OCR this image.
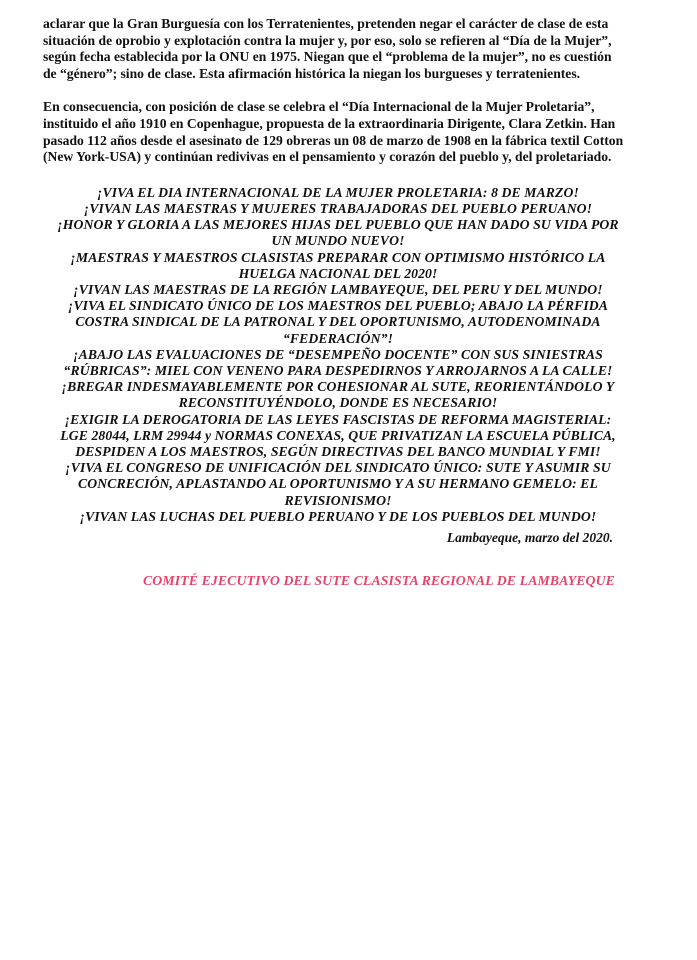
aclarar que la Gran Burguesía con los Terratenientes, pretenden negar el carácter de clase de esta
situación de oprobio y explotación contra la mujer y, por eso, solo se refieren al “Día de la Mujer”,
según fecha establecida por la ONU en 1975. Niegan que el “problema de la mujer”, no es cuestión
de “género”; sino de clase. Esta afirmación histórica la niegan los burgueses y terratenientes.
En consecuencia, con posición de clase se celebra el “Día Internacional de la Mujer Proletaria”,
instituido el año 1910 en Copenhague, propuesta de la extraordinaria Dirigente, Clara Zetkin. Han
pasado 112 años desde el asesinato de 129 obreras un 08 de marzo de 1908 en la fábrica textil Cotton
(New York-USA) y continúan redivivas en el pensamiento y corazón del pueblo y, del proletariado.
¡VIVA EL DIA INTERNACIONAL DE LA MUJER PROLETARIA: 8 DE MARZO!
¡VIVAN LAS MAESTRAS Y MUJERES TRABAJADORAS DEL PUEBLO PERUANO!
¡HONOR Y GLORIA A LAS MEJORES HIJAS DEL PUEBLO QUE HAN DADO SU VIDA POR
UN MUNDO NUEVO!
¡MAESTRAS Y MAESTROS CLASISTAS PREPARAR CON OPTIMISMO HISTÓRICO LA
HUELGA NACIONAL DEL 2020!
¡VIVAN LAS MAESTRAS DE LA REGIÓN LAMBAYEQUE, DEL PERU Y DEL MUNDO!
¡VIVA EL SINDICATO ÚNICO DE LOS MAESTROS DEL PUEBLO; ABAJO LA PÉRFIDA
COSTRA SINDICAL DE LA PATRONAL Y DEL OPORTUNISMO, AUTODENOMINADA
“FEDERACIÓN”!
¡ABAJO LAS EVALUACIONES DE “DESEMPEÑO DOCENTE” CON SUS SINIESTRAS
“RÚBRICAS”: MIEL CON VENENO PARA DESPEDIRNOS Y ARROJARNOS A LA CALLE!
¡BREGAR INDESMAYABLEMENTE POR COHESIONAR AL SUTE, REORIENTÁNDOLO Y
RECONSTITUYÉNDOLO, DONDE ES NECESARIO!
¡EXIGIR LA DEROGATORIA DE LAS LEYES FASCISTAS DE REFORMA MAGISTERIAL:
LGE 28044, LRM 29944 y NORMAS CONEXAS, QUE PRIVATIZAN LA ESCUELA PÚBLICA,
DESPIDEN A LOS MAESTROS, SEGÚN DIRECTIVAS DEL BANCO MUNDIAL Y FMI!
¡VIVA EL CONGRESO DE UNIFICACIÓN DEL SINDICATO ÚNICO: SUTE Y ASUMIR SU
CONCRECIÓN, APLASTANDO AL OPORTUNISMO Y A SU HERMANO GEMELO: EL
REVISIONISMO!
¡VIVAN LAS LUCHAS DEL PUEBLO PERUANO Y DE LOS PUEBLOS DEL MUNDO!
Lambayeque, marzo del 2020.
COMITÉ EJECUTIVO DEL SUTE CLASISTA REGIONAL DE LAMBAYEQUE
